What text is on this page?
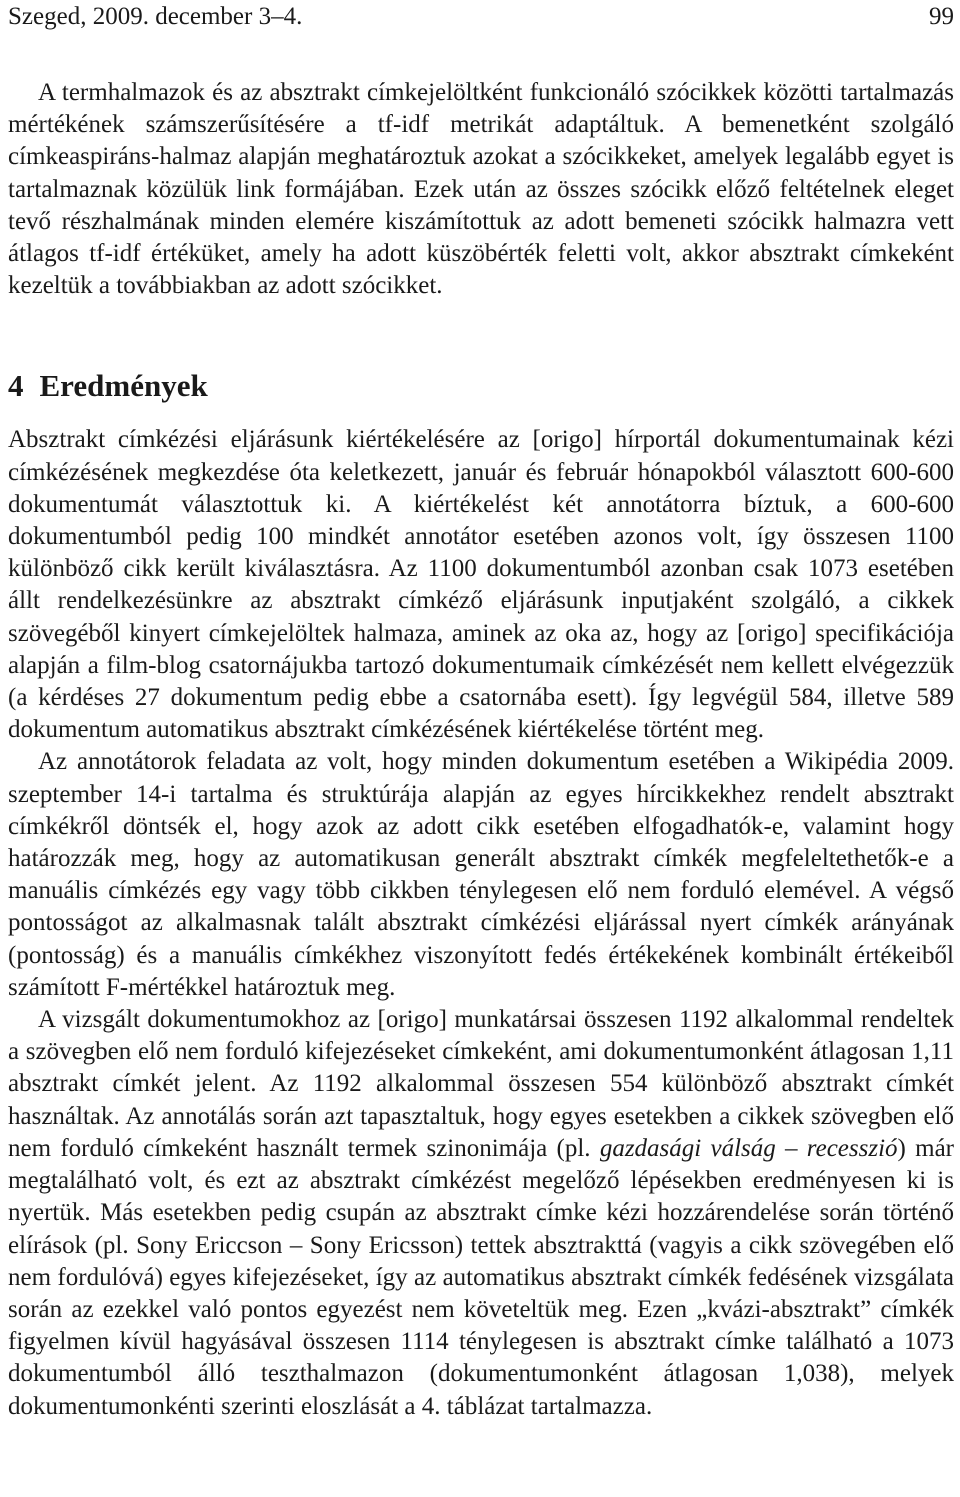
Szeged, 2009. december 3–4.	99

A termhalmazok és az absztrakt címkejelöltként funkcionáló szócikkek közötti tartalmazás mértékének számszerűsítésére a tf-idf metrikát adaptáltuk. A bemenetként szolgáló címkeaspiráns-halmaz alapján meghatároztuk azokat a szócikkeket, amelyek legalább egyet is tartalmaznak közülük link formájában. Ezek után az összes szócikk előző feltételnek eleget tevő részhalmának minden elemére kiszámítottuk az adott bemeneti szócikk halmazra vett átlagos tf-idf értéküket, amely ha adott küszöbérték feletti volt, akkor absztrakt címkeként kezeltük a továbbiakban az adott szócikket.

4 Eredmények

Absztrakt címkézési eljárásunk kiértékelésére az [origo] hírportál dokumentumainak kézi címkézésének megkezdése óta keletkezett, január és február hónapokból választott 600-600 dokumentumát választottuk ki. A kiértékelést két annotátorra bíztuk, a 600-600 dokumentumból pedig 100 mindkét annotátor esetében azonos volt, így összesen 1100 különböző cikk került kiválasztásra. Az 1100 dokumentumból azonban csak 1073 esetében állt rendelkezésünkre az absztrakt címkéző eljárásunk inputjaként szolgáló, a cikkek szövegéből kinyert címkejelöltek halmaza, aminek az oka az, hogy az [origo] specifikációja alapján a film-blog csatornájukba tartozó dokumentumaik címkézését nem kellett elvégezzük (a kérdéses 27 dokumentum pedig ebbe a csatornába esett). Így legvégül 584, illetve 589 dokumentum automatikus absztrakt címkézésének kiértékelése történt meg.

Az annotátorok feladata az volt, hogy minden dokumentum esetében a Wikipédia 2009. szeptember 14-i tartalma és struktúrája alapján az egyes hírcikkekhez rendelt absztrakt címkékről döntsék el, hogy azok az adott cikk esetében elfogadhatók-e, valamint hogy határozzák meg, hogy az automatikusan generált absztrakt címkék megfeleltethetők-e a manuális címkézés egy vagy több cikkben ténylegesen elő nem forduló elemével. A végső pontosságot az alkalmasnak talált absztrakt címkézési eljárással nyert címkék arányának (pontosság) és a manuális címkékhez viszonyított fedés értékekének kombinált értékeiből számított F-mértékkel határoztuk meg.

A vizsgált dokumentumokhoz az [origo] munkatársai összesen 1192 alkalommal rendeltek a szövegben elő nem forduló kifejezéseket címkeként, ami dokumentumonként átlagosan 1,11 absztrakt címkét jelent. Az 1192 alkalommal összesen 554 különböző absztrakt címkét használtak. Az annotálás során azt tapasztaltuk, hogy egyes esetekben a cikkek szövegben elő nem forduló címkeként használt termek szinonimája (pl. gazdasági válság – recesszió) már megtalálható volt, és ezt az absztrakt címkézést megelőző lépésekben eredményesen ki is nyertük. Más esetekben pedig csupán az absztrakt címke kézi hozzárendelése során történő elírások (pl. Sony Ericcson – Sony Ericsson) tettek absztrakttá (vagyis a cikk szövegében elő nem fordulóvá) egyes kifejezéseket, így az automatikus absztrakt címkék fedésének vizsgálata során az ezekkel való pontos egyezést nem követeltük meg. Ezen „kvázi-absztrakt” címkék figyelmen kívül hagyásával összesen 1114 ténylegesen is absztrakt címke található a 1073 dokumentumból álló teszthalmazon (dokumentumonként átlagosan 1,038), melyek dokumentumonkénti szerinti eloszlását a 4. táblázat tartalmazza.
